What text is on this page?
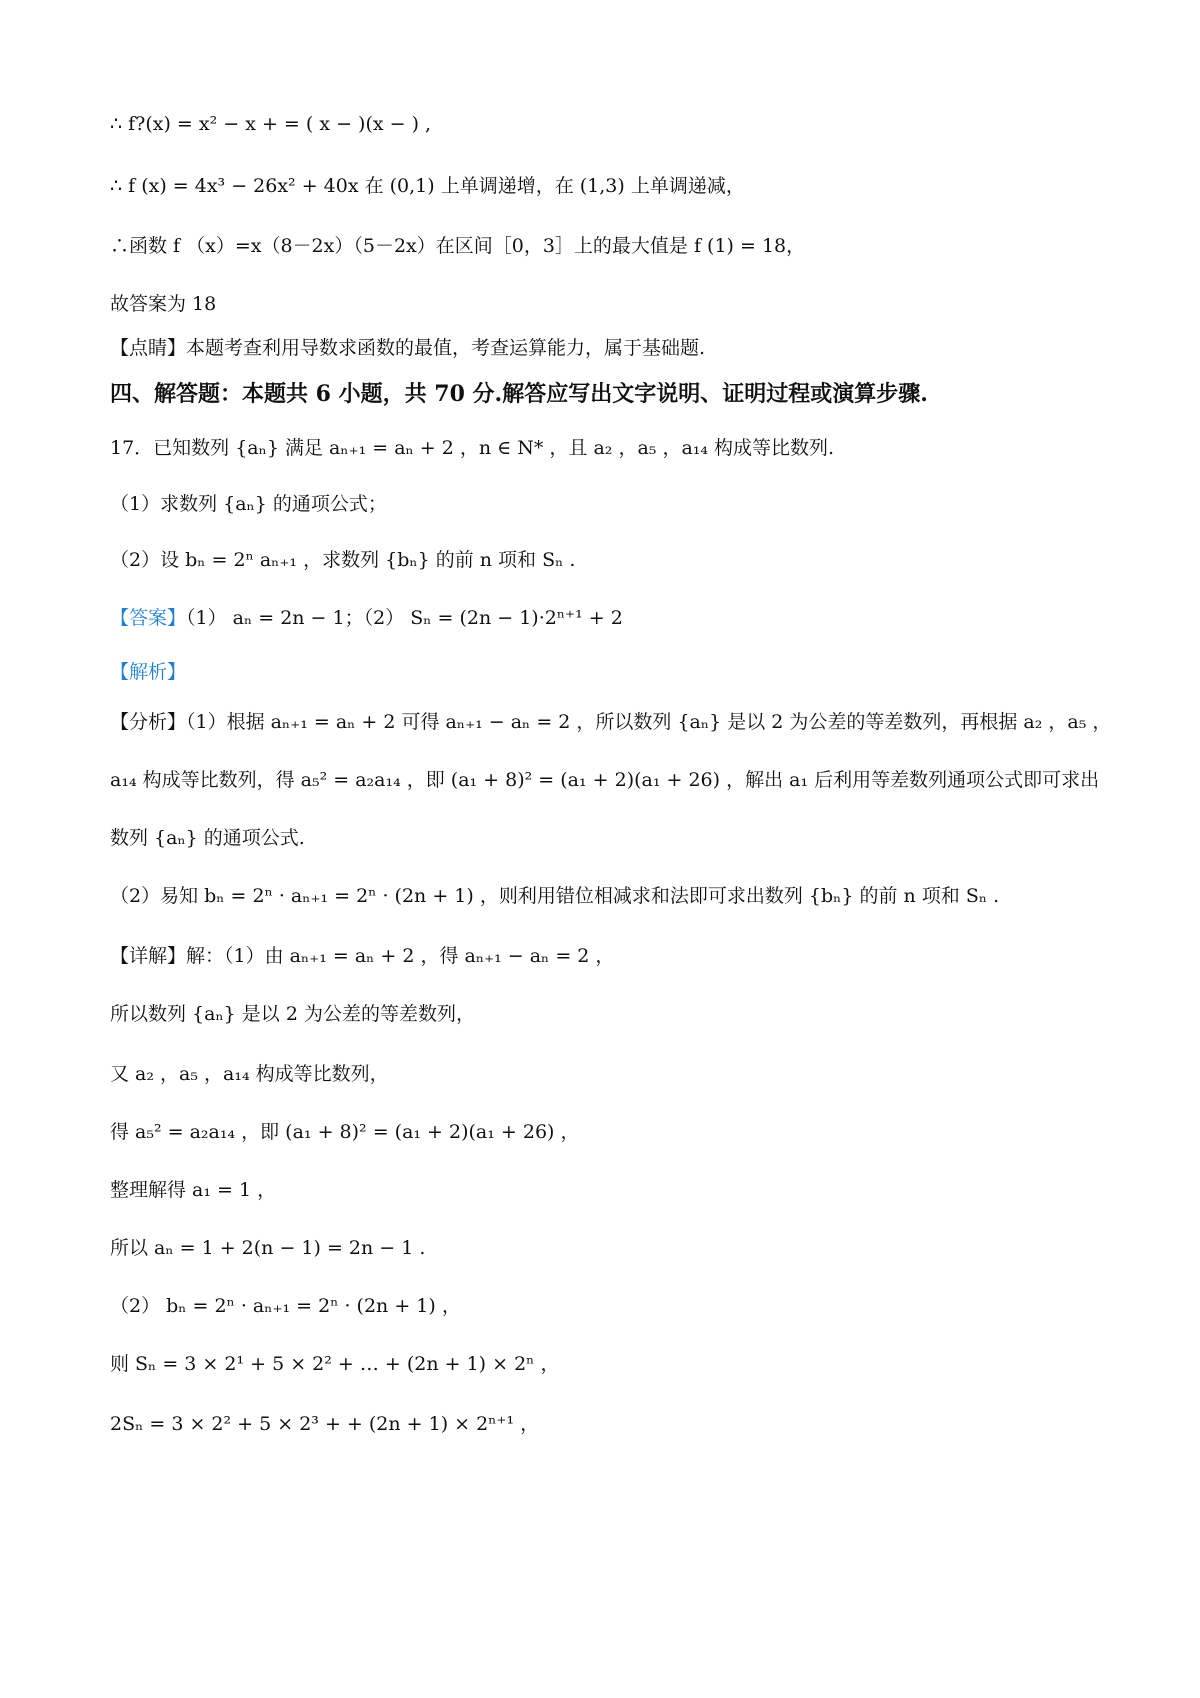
∴ f?(x) = x² − x + = ( x − )(x − ) ,
∴ f (x) = 4x³ − 26x² + 40x 在 (0,1) 上单调递增，在 (1,3) 上单调递减，
∴函数 f （x）=x（8－2x）（5－2x）在区间［0，3］上的最大值是 f (1) = 18，
故答案为 18
【点睛】本题考查利用导数求函数的最值，考查运算能力，属于基础题.
四、解答题：本题共 6 小题，共 70 分.解答应写出文字说明、证明过程或演算步骤.
17．已知数列 {aₙ} 满足 aₙ₊₁ = aₙ + 2 ，n ∈ N* ，且 a₂ ，a₅ ，a₁₄ 构成等比数列.
（1）求数列 {aₙ} 的通项公式；
（2）设 bₙ = 2ⁿ aₙ₊₁ ，求数列 {bₙ} 的前 n 项和 Sₙ .
【答案】（1） aₙ = 2n − 1；（2） Sₙ = (2n − 1)·2ⁿ⁺¹ + 2
【解析】
【分析】（1）根据 aₙ₊₁ = aₙ + 2 可得 aₙ₊₁ − aₙ = 2 ，所以数列 {aₙ} 是以 2 为公差的等差数列，再根据 a₂ ，a₅ ，
a₁₄ 构成等比数列，得 a₅² = a₂a₁₄ ，即 (a₁ + 8)² = (a₁ + 2)(a₁ + 26) ，解出 a₁ 后利用等差数列通项公式即可求出
数列 {aₙ} 的通项公式.
（2）易知 bₙ = 2ⁿ · aₙ₊₁ = 2ⁿ · (2n + 1) ，则利用错位相减求和法即可求出数列 {bₙ} 的前 n 项和 Sₙ .
【详解】解：（1）由 aₙ₊₁ = aₙ + 2 ，得 aₙ₊₁ − aₙ = 2 ，
所以数列 {aₙ} 是以 2 为公差的等差数列，
又 a₂ ，a₅ ，a₁₄ 构成等比数列，
得 a₅² = a₂a₁₄ ，即 (a₁ + 8)² = (a₁ + 2)(a₁ + 26) ，
整理解得 a₁ = 1 ，
所以 aₙ = 1 + 2(n − 1) = 2n − 1 .
（2） bₙ = 2ⁿ · aₙ₊₁ = 2ⁿ · (2n + 1) ，
则 Sₙ = 3 × 2¹ + 5 × 2² + … + (2n + 1) × 2ⁿ ，
2Sₙ = 3 × 2² + 5 × 2³ + + (2n + 1) × 2ⁿ⁺¹ ，
